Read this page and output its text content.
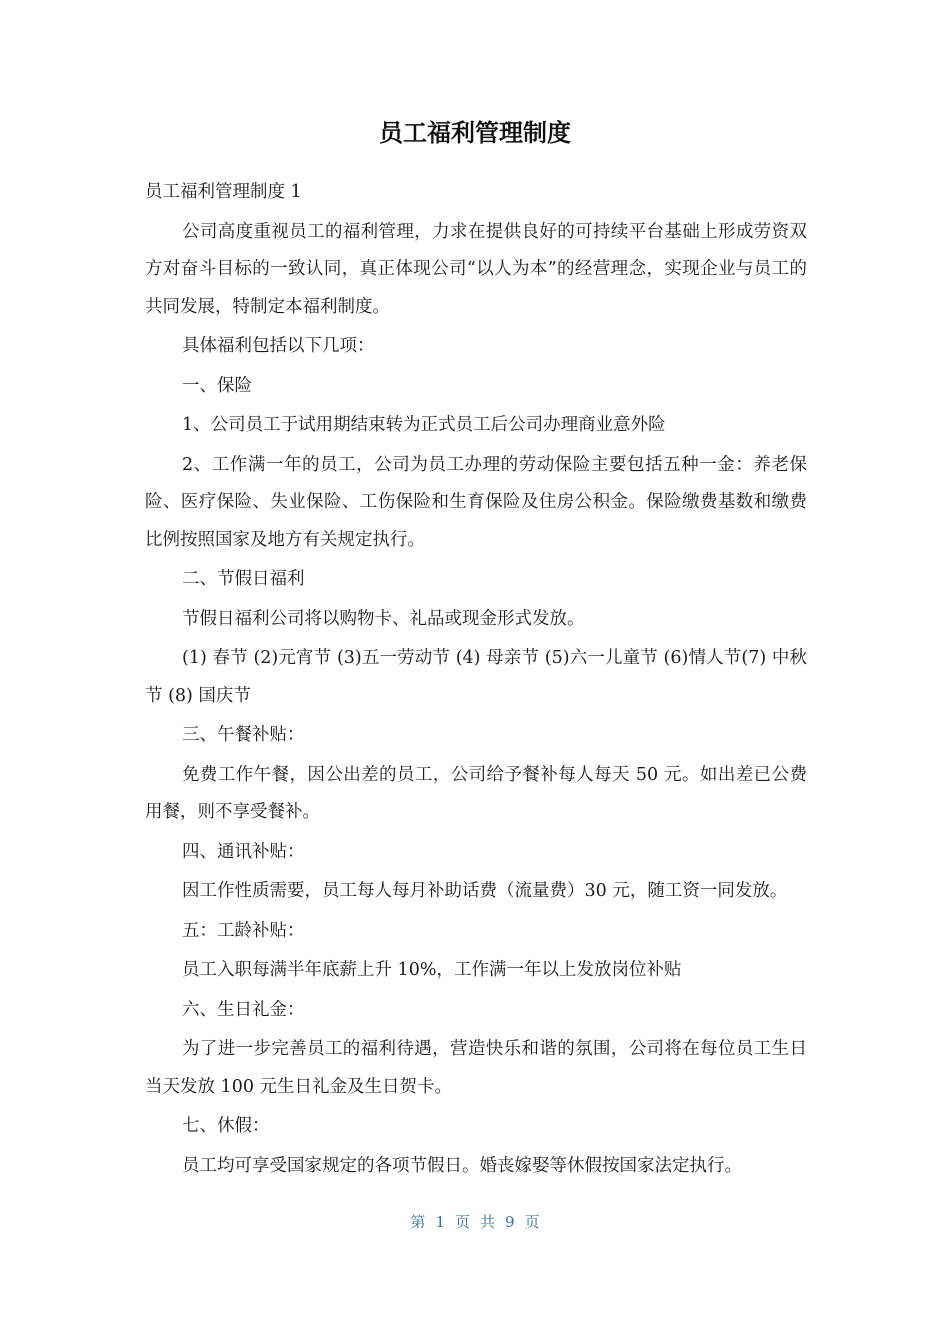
员工福利管理制度

员工福利管理制度 1

公司高度重视员工的福利管理，力求在提供良好的可持续平台基础上形成劳资双方对奋斗目标的一致认同，真正体现公司“以人为本”的经营理念，实现企业与员工的共同发展，特制定本福利制度。

具体福利包括以下几项：

一、保险

1、公司员工于试用期结束转为正式员工后公司办理商业意外险

2、工作满一年的员工，公司为员工办理的劳动保险主要包括五种一金：养老保险、医疗保险、失业保险、工伤保险和生育保险及住房公积金。保险缴费基数和缴费比例按照国家及地方有关规定执行。

二、节假日福利

节假日福利公司将以购物卡、礼品或现金形式发放。

(1) 春节 (2)元宵节 (3)五一劳动节 (4) 母亲节 (5)六一儿童节 (6)情人节(7) 中秋节 (8) 国庆节

三、午餐补贴：

免费工作午餐，因公出差的员工，公司给予餐补每人每天 50 元。如出差已公费用餐，则不享受餐补。

四、通讯补贴：

因工作性质需要，员工每人每月补助话费（流量费）30 元，随工资一同发放。

五：工龄补贴：

员工入职每满半年底薪上升 10%，工作满一年以上发放岗位补贴

六、生日礼金：

为了进一步完善员工的福利待遇，营造快乐和谐的氛围，公司将在每位员工生日当天发放 100 元生日礼金及生日贺卡。

七、休假：

员工均可享受国家规定的各项节假日。婚丧嫁娶等休假按国家法定执行。

第 1 页 共 9 页
